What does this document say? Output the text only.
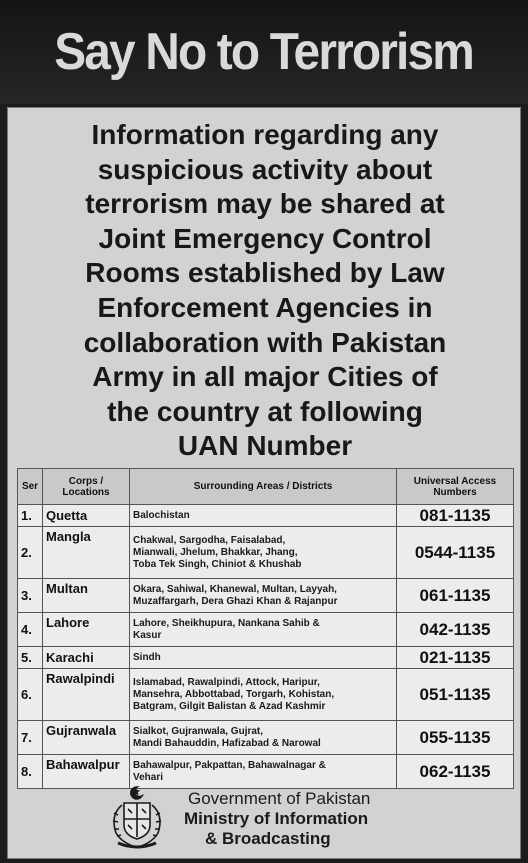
Say No to Terrorism
Information regarding any
suspicious activity about
terrorism may be shared at
Joint Emergency Control
Rooms established by Law
Enforcement Agencies in
collaboration with Pakistan
Army in all major Cities of
the country at following
UAN Number
Ser	Corps /
Locations	Surrounding Areas / Districts	Universal Access
Numbers
1.	Quetta	Balochistan	081-1135
2.	Mangla	Chakwal, Sargodha, Faisalabad,
Mianwali, Jhelum, Bhakkar, Jhang,
Toba Tek Singh, Chiniot & Khushab	0544-1135
3.	Multan	Okara, Sahiwal, Khanewal, Multan, Layyah,
Muzaffargarh, Dera Ghazi Khan & Rajanpur	061-1135
4.	Lahore	Lahore, Sheikhupura, Nankana Sahib &
Kasur	042-1135
5.	Karachi	Sindh	021-1135
6.	Rawalpindi	Islamabad, Rawalpindi, Attock, Haripur,
Mansehra, Abbottabad, Torgarh, Kohistan,
Batgram, Gilgit Balistan & Azad Kashmir	051-1135
7.	Gujranwala	Sialkot, Gujranwala, Gujrat,
Mandi Bahauddin, Hafizabad & Narowal	055-1135
8.	Bahawalpur	Bahawalpur, Pakpattan, Bahawalnagar &
Vehari	062-1135
Government of Pakistan
Ministry of Information
& Broadcasting
